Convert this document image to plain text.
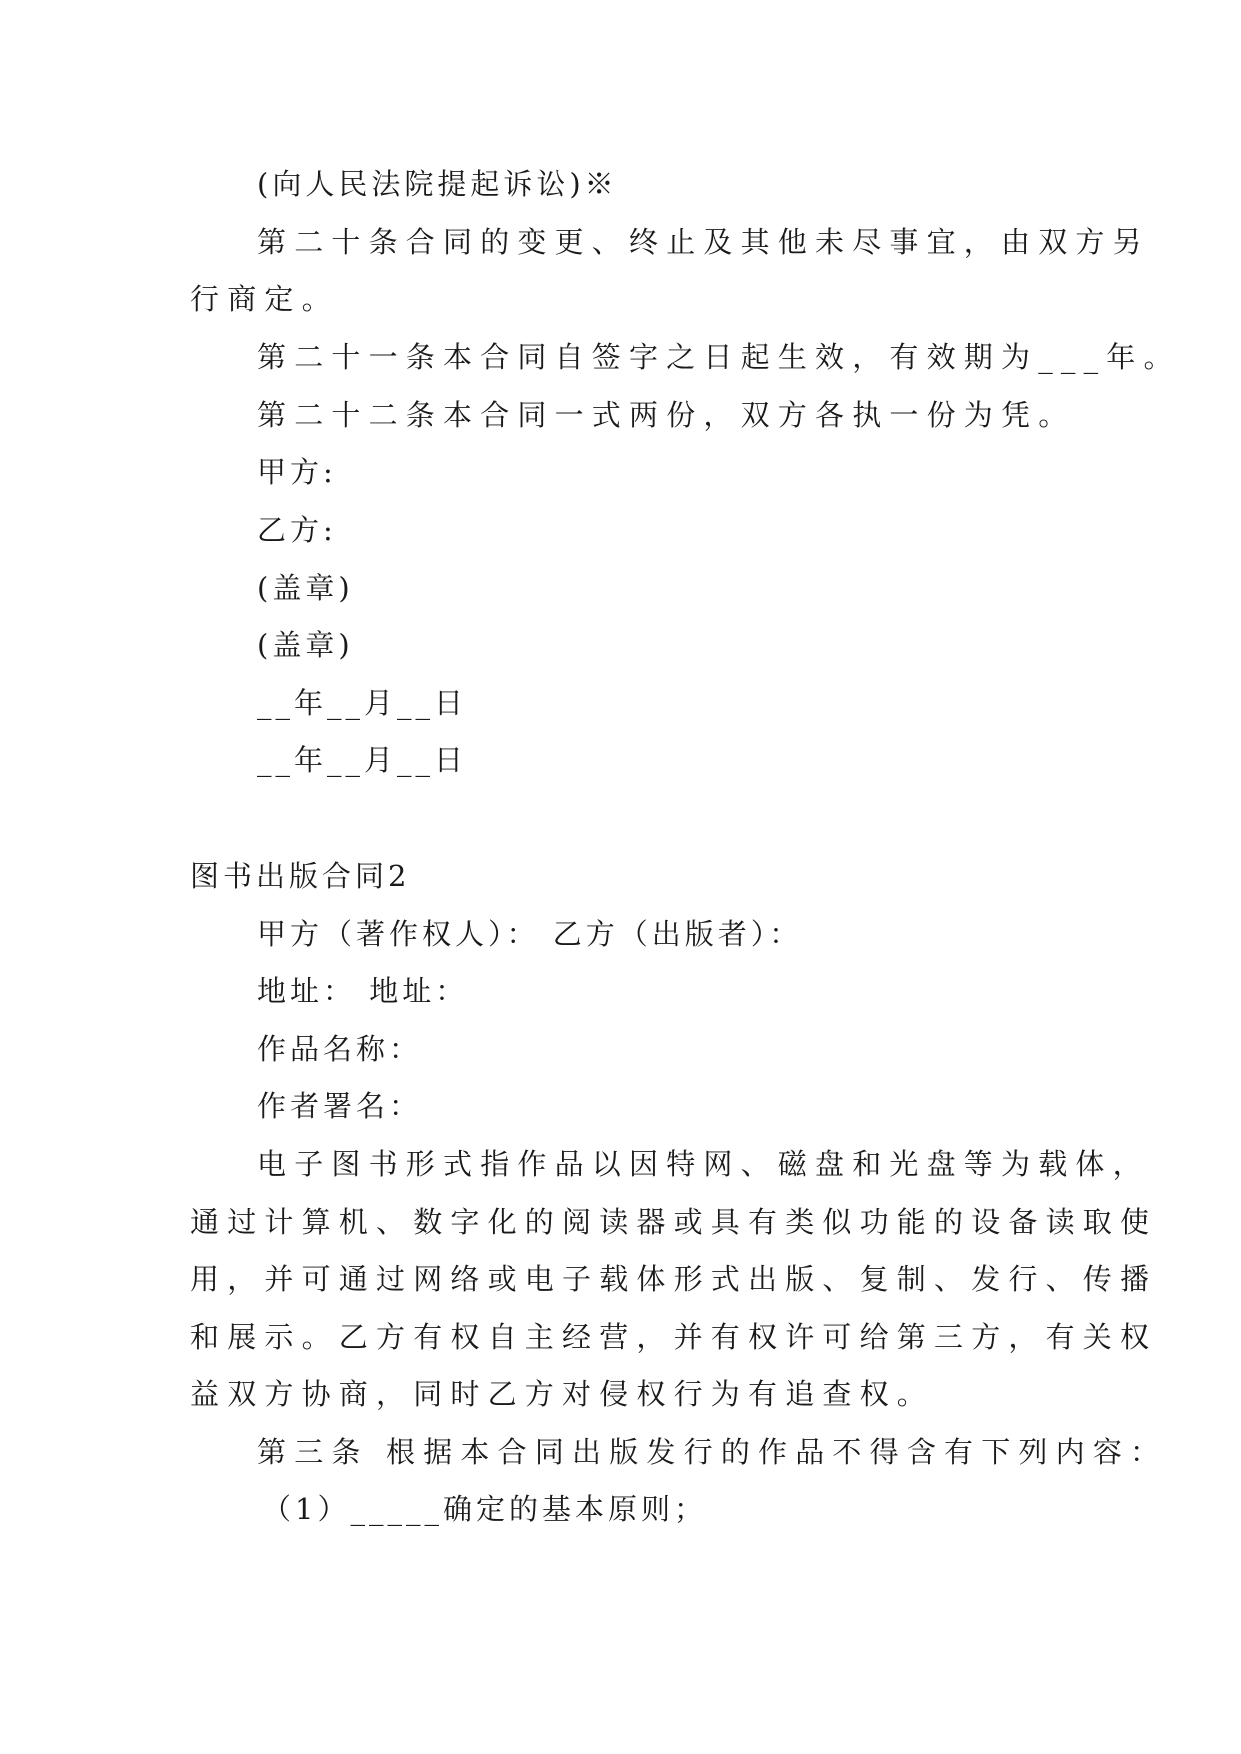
(向人民法院提起诉讼)※
第二十条合同的变更、终止及其他未尽事宜，由双方另
行商定。
第二十一条本合同自签字之日起生效，有效期为___年。
第二十二条本合同一式两份，双方各执一份为凭。
甲方:
乙方:
(盖章)
(盖章)
__年__月__日
__年__月__日
图书出版合同2
甲方（著作权人）： 乙方（出版者）：
地址： 地址：
作品名称：
作者署名：
电子图书形式指作品以因特网、磁盘和光盘等为载体，
通过计算机、数字化的阅读器或具有类似功能的设备读取使
用，并可通过网络或电子载体形式出版、复制、发行、传播
和展示。乙方有权自主经营，并有权许可给第三方，有关权
益双方协商，同时乙方对侵权行为有追查权。
第三条 根据本合同出版发行的作品不得含有下列内容：
（1）_____确定的基本原则；
